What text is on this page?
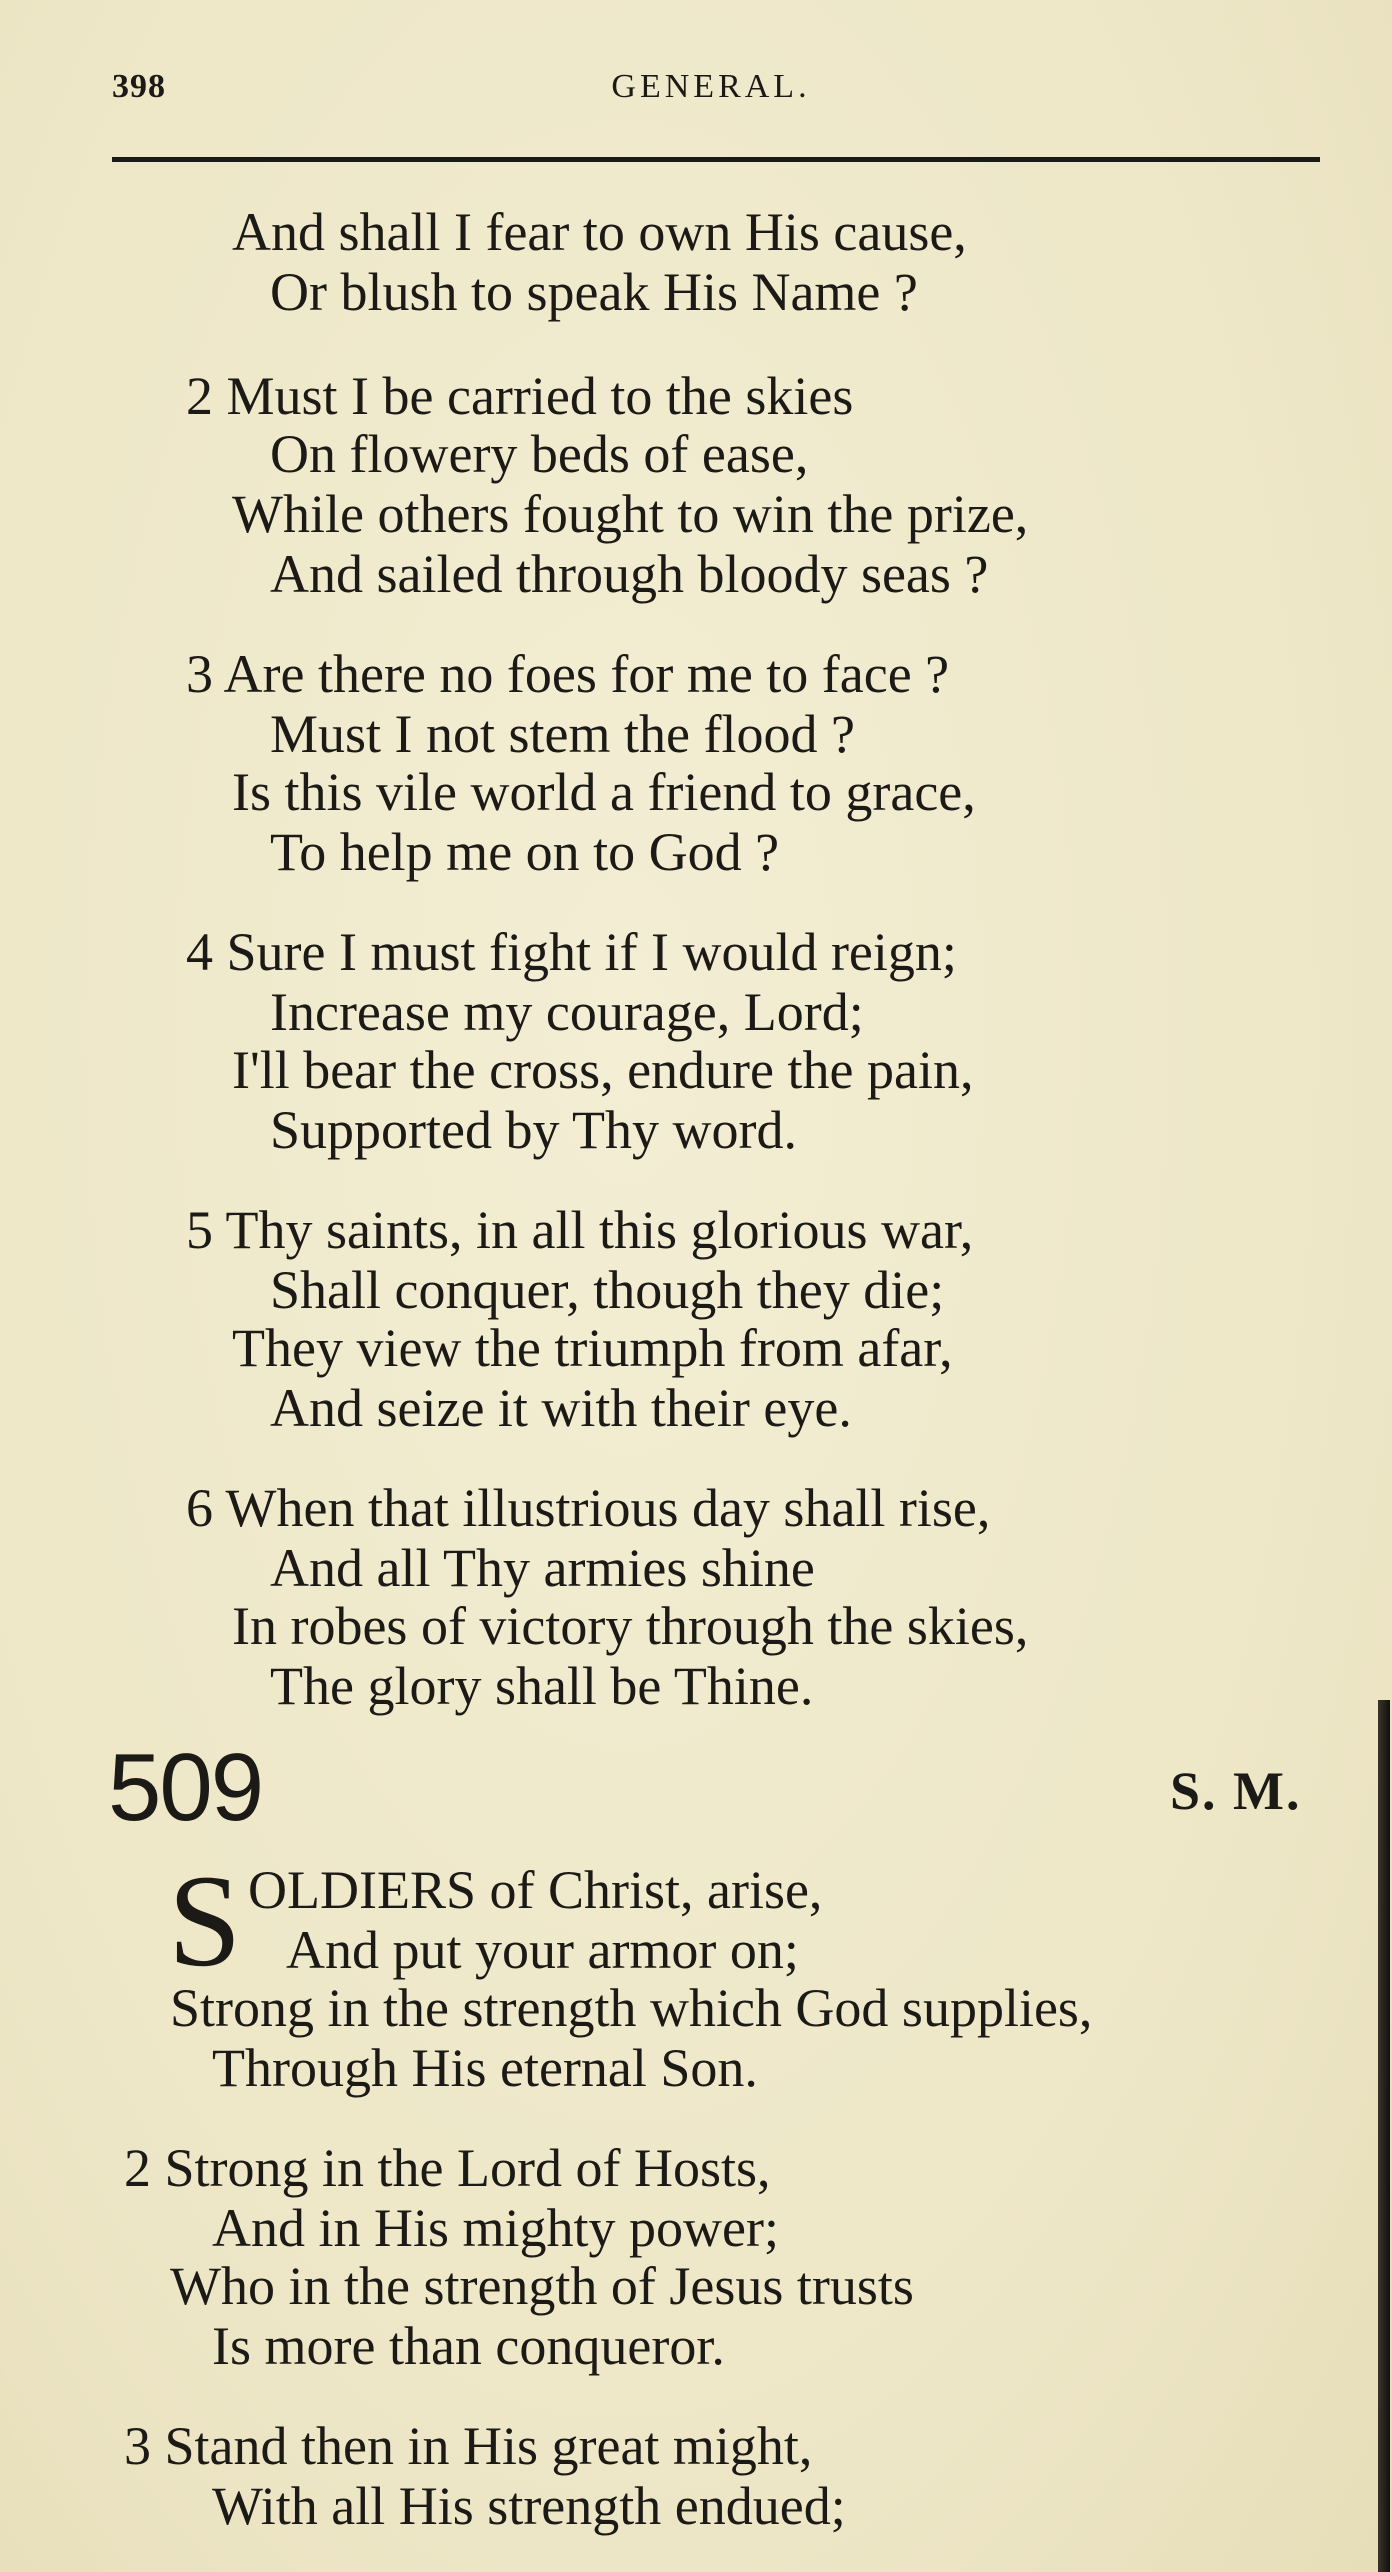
398	GENERAL.
And shall I fear to own His cause,
Or blush to speak His Name ?
2 Must I be carried to the skies
On flowery beds of ease,
While others fought to win the prize,
And sailed through bloody seas ?
3 Are there no foes for me to face ?
Must I not stem the flood ?
Is this vile world a friend to grace,
To help me on to God ?
4 Sure I must fight if I would reign;
Increase my courage, Lord;
I'll bear the cross, endure the pain,
Supported by Thy word.
5 Thy saints, in all this glorious war,
Shall conquer, though they die;
They view the triumph from afar,
And seize it with their eye.
6 When that illustrious day shall rise,
And all Thy armies shine
In robes of victory through the skies,
The glory shall be Thine.
509	S. M.
S OLDIERS of Christ, arise,
And put your armor on;
Strong in the strength which God supplies,
Through His eternal Son.
2 Strong in the Lord of Hosts,
And in His mighty power;
Who in the strength of Jesus trusts
Is more than conqueror.
3 Stand then in His great might,
With all His strength endued;
